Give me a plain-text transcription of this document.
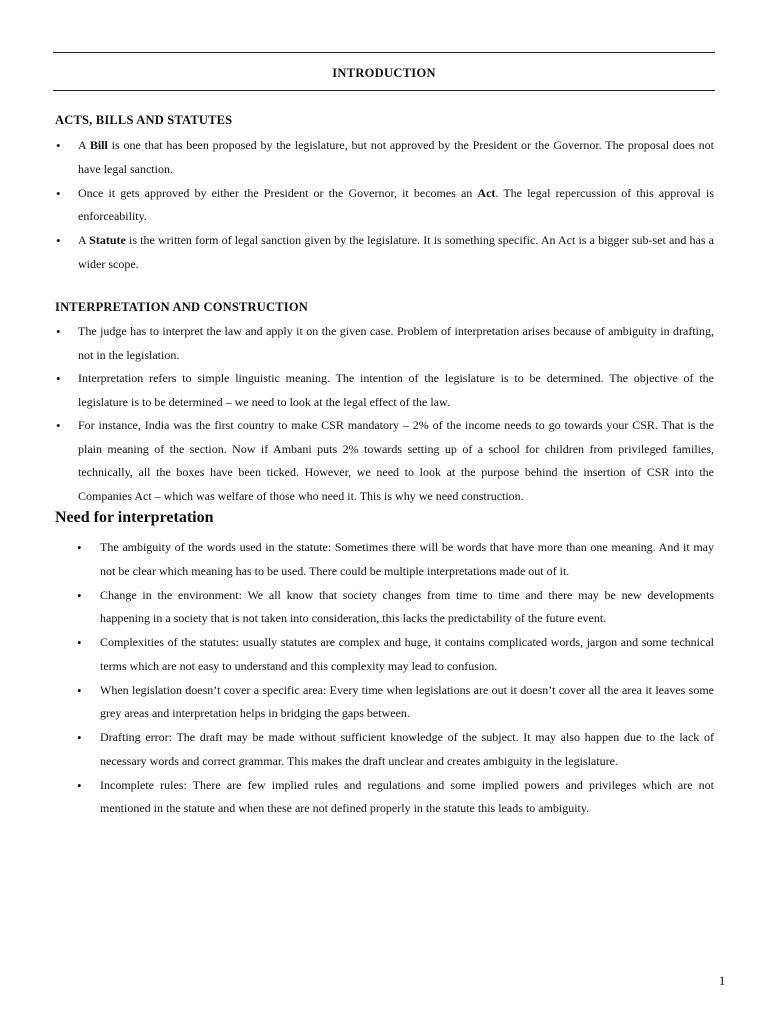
INTRODUCTION
ACTS, BILLS AND STATUTES
• A Bill is one that has been proposed by the legislature, but not approved by the President or the Governor. The proposal does not have legal sanction.
• Once it gets approved by either the President or the Governor, it becomes an Act. The legal repercussion of this approval is enforceability.
• A Statute is the written form of legal sanction given by the legislature. It is something specific. An Act is a bigger sub-set and has a wider scope.
INTERPRETATION AND CONSTRUCTION
• The judge has to interpret the law and apply it on the given case. Problem of interpretation arises because of ambiguity in drafting, not in the legislation.
• Interpretation refers to simple linguistic meaning. The intention of the legislature is to be determined. The objective of the legislature is to be determined – we need to look at the legal effect of the law.
• For instance, India was the first country to make CSR mandatory – 2% of the income needs to go towards your CSR. That is the plain meaning of the section. Now if Ambani puts 2% towards setting up of a school for children from privileged families, technically, all the boxes have been ticked. However, we need to look at the purpose behind the insertion of CSR into the Companies Act – which was welfare of those who need it. This is why we need construction.
Need for interpretation
• The ambiguity of the words used in the statute: Sometimes there will be words that have more than one meaning. And it may not be clear which meaning has to be used. There could be multiple interpretations made out of it.
• Change in the environment: We all know that society changes from time to time and there may be new developments happening in a society that is not taken into consideration, this lacks the predictability of the future event.
• Complexities of the statutes: usually statutes are complex and huge, it contains complicated words, jargon and some technical terms which are not easy to understand and this complexity may lead to confusion.
• When legislation doesn’t cover a specific area: Every time when legislations are out it doesn’t cover all the area it leaves some grey areas and interpretation helps in bridging the gaps between.
• Drafting error: The draft may be made without sufficient knowledge of the subject. It may also happen due to the lack of necessary words and correct grammar. This makes the draft unclear and creates ambiguity in the legislature.
• Incomplete rules: There are few implied rules and regulations and some implied powers and privileges which are not mentioned in the statute and when these are not defined properly in the statute this leads to ambiguity.
1
